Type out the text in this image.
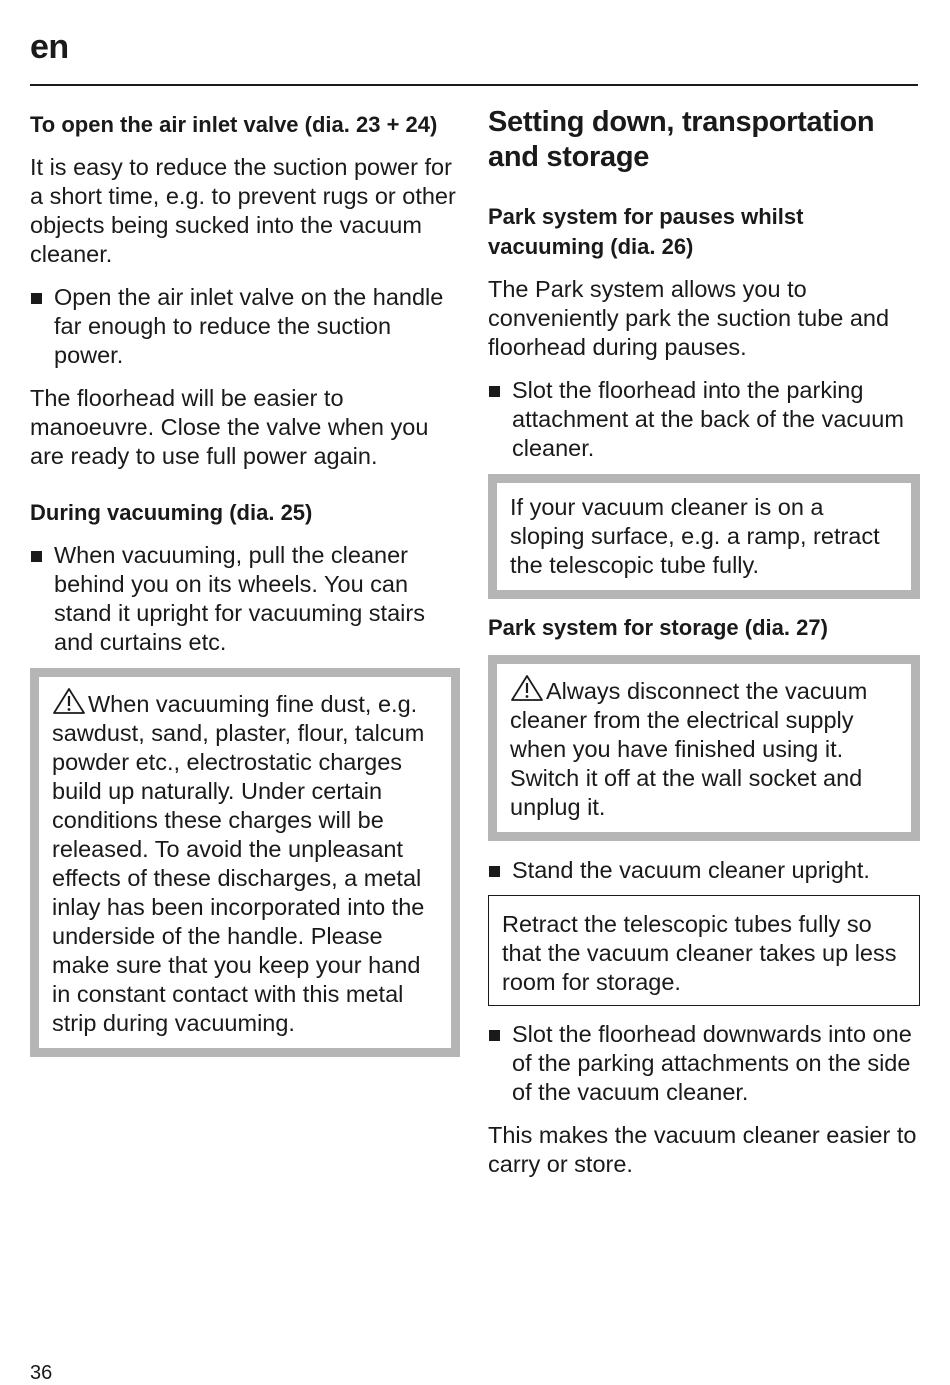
en
To open the air inlet valve (dia. 23 + 24)

It is easy to reduce the suction power for a short time, e.g. to prevent rugs or other objects being sucked into the vacuum cleaner.

Open the air inlet valve on the handle far enough to reduce the suction power.

The floorhead will be easier to manoeuvre. Close the valve when you are ready to use full power again.

During vacuuming (dia. 25)
When vacuuming, pull the cleaner behind you on its wheels. You can stand it upright for vacuuming stairs and curtains etc.
When vacuuming fine dust, e.g. sawdust, sand, plaster, flour, talcum powder etc., electrostatic charges build up naturally. Under certain conditions these charges will be released. To avoid the unpleasant effects of these discharges, a metal inlay has been incorporated into the underside of the handle. Please make sure that you keep your hand in constant contact with this metal strip during vacuuming.
Setting down, transportation and storage
Park system for pauses whilst vacuuming (dia. 26)

The Park system allows you to conveniently park the suction tube and floorhead during pauses.

Slot the floorhead into the parking attachment at the back of the vacuum cleaner.
If your vacuum cleaner is on a sloping surface, e.g. a ramp, retract the telescopic tube fully.
Park system for storage (dia. 27)
Always disconnect the vacuum cleaner from the electrical supply when you have finished using it. Switch it off at the wall socket and unplug it.
Stand the vacuum cleaner upright.
Retract the telescopic tubes fully so that the vacuum cleaner takes up less room for storage.
Slot the floorhead downwards into one of the parking attachments on the side of the vacuum cleaner.

This makes the vacuum cleaner easier to carry or store.

36
